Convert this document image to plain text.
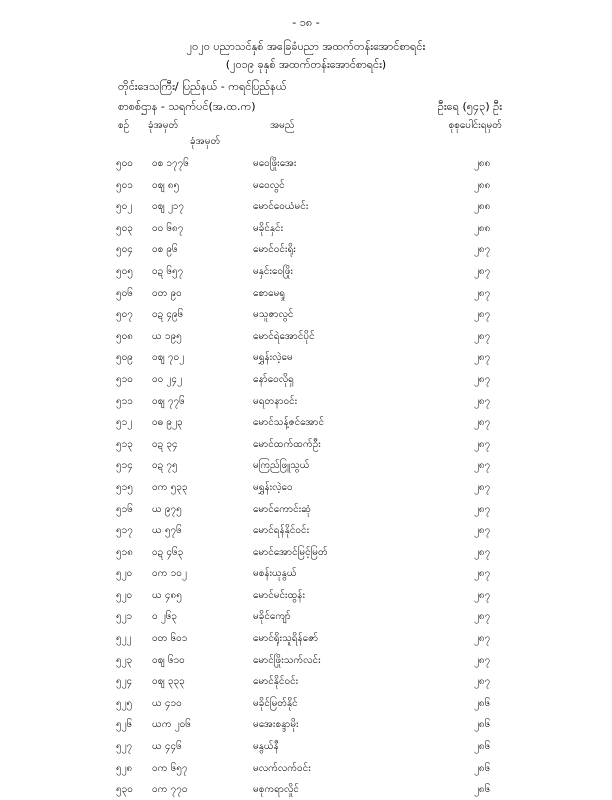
- ၁၈ -
၂၀၂၀ ပညာသင်နှစ် အခြေခံပညာ အထက်တန်းအောင်စာရင်း
(၂၀၁၉ ခုနှစ် အထက်တန်းအောင်စာရင်း)
တိုင်းဒေသကြီး/ ပြည်နယ် - ကရင်ပြည်နယ်
စာစစ်ဌာန - သရက်ပင်(အ.ထ.က)	ဦးရေ (၅၄၃) ဦး
စဉ် ခုံအမှတ်
ခုံအမှတ်
အမည်	စုစုပေါင်းရမှတ်
၅၀၀ ဝစ ၁၇၇၆	မဝေဖြိုးအေး	၂၈၈
၅၀၁ ဝဈ ၈၅	မဝေလွင်	၂၈၈
၅၀၂ ဝဈ ၂၁၇	မောင်ဝေယံမင်း	၂၈၈
၅၀၃ ဝဝ ၆၈၇	မခိုင်နှင်း	၂၈၈
၅၀၄ ဝစ ၉၆	မောင်ဝင်းရိုး	၂၈၇
၅၀၅ ဝဍ ၆၅၇	မနှင်းဝေဖြိုး	၂၈၇
၅၀၆ ဝတ ၉၀	စောမေရှု	၂၈၇
၅၀၇ ဝဍ ၄၉၆	မသူဇာလွင်	၂၈၇
၅၀၈ ယ ၁၉၅	မောင်ရဲအောင်ပိုင်	၂၈၇
၅၀၉ ဝဈ ၇၀၂	မရွှန်းလဲ့မေ	၂၈၇
၅၁၀ ဝဝ ၂၄၂	နော်ဝေလိုရှ	၂၈၇
၅၁၁ ဝဈ ၇၇၆	မရတနာဝင်း	၂၈၇
၅၁၂ ဝဓ ၉၂၃	မောင်သန့်ဇင်အောင်	၂၈၇
၅၁၃ ဝဍ ၃၄	မောင်ထက်ထက်ဦး	၂၈၇
၅၁၄ ဝဍ ၇၅	မကြည်ဖြူသွယ်	၂၈၇
၅၁၅ ဝက ၅၃၃	မရွှန်းလဲ့ဝေ	၂၈၇
၅၁၆ ယ ၉၇၅	မောင်ကောင်းဆုံ	၂၈၇
၅၁၇ ယ ၅၇၆	မောင်ရန်နိုင်ဝင်း	၂၈၇
၅၁၈ ဝဍ ၄၆၃	မောင်အောင်မြင့်မြတ်	၂၈၇
၅၂၀ ဝက ၁၀၂	မစန်းယုနွယ်	၂၈၇
၅၂၀ ယ ၄၈၅	မောင်မင်းထွန်း	၂၈၇
၅၂၁ ဝ ၂၆၃	မခိုင်ကျော်	၂၈၇
၅၂၂ ဝတ ၆၀၁	မောင်ရိုးသူရိန်ဇော်	၂၈၇
၅၂၃ ဝဈ ၆၁၀	မောင်ဖြိုးသက်လင်း	၂၈၇
၅၂၄ ဝဈ ၃၃၃	မောင်နိုင်ဝင်း	၂၈၇
၅၂၅ ယ ၄၁၀	မခိုင်မြတ်နိုင်	၂၈၆
၅၂၆ ယက ၂၀၆	မအေးစန္ဒာမိုး	၂၈၆
၅၂၇ ယ ၄၄၆	မနွယ်နီ	၂၈၆
၅၂၈ ဝက ၆၅၇	မလက်လက်ဝင်း	၂၈၆
၅၃၀ ဝက ၇၇၀	မစုကရာလှိုင်	၂၈၆
